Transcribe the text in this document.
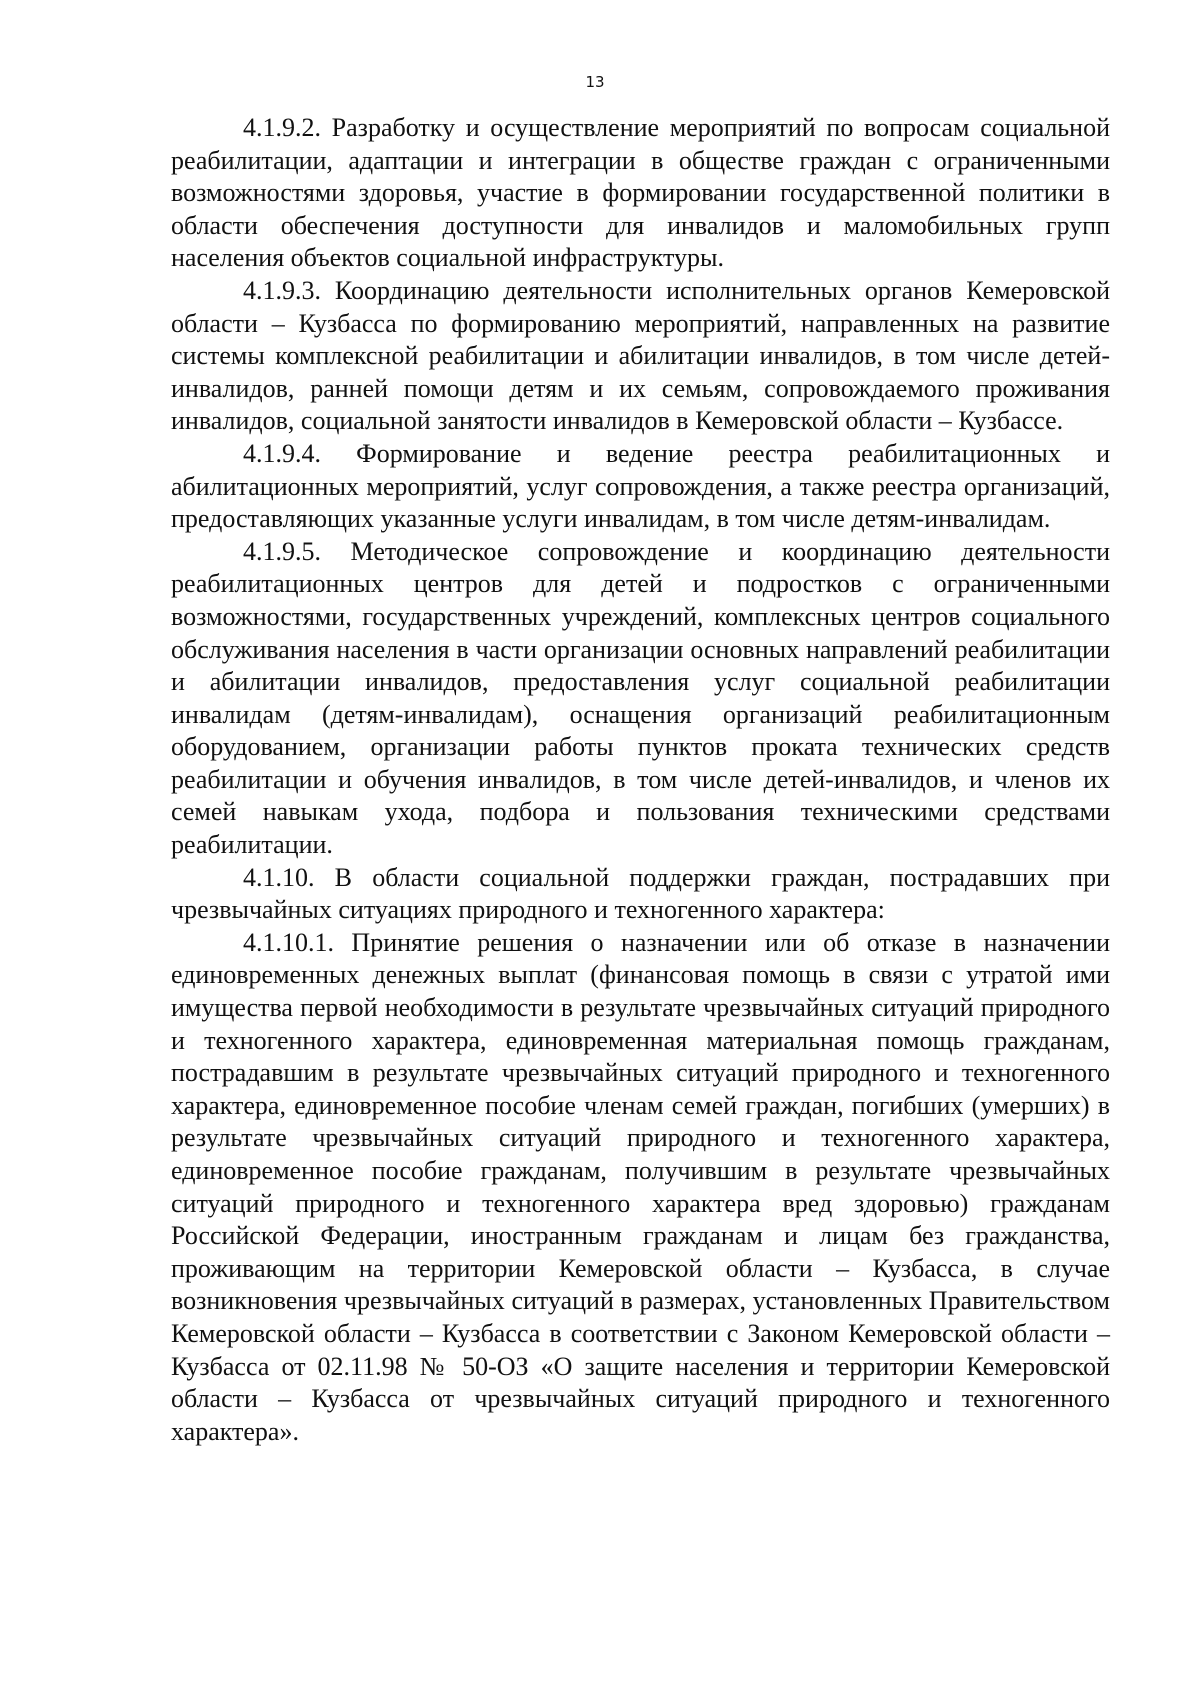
13

4.1.9.2. Разработку и осуществление мероприятий по вопросам социальной реабилитации, адаптации и интеграции в обществе граждан с ограниченными возможностями здоровья, участие в формировании государственной политики в области обеспечения доступности для инвалидов и маломобильных групп населения объектов социальной инфраструктуры.

4.1.9.3. Координацию деятельности исполнительных органов Кемеровской области – Кузбасса по формированию мероприятий, направленных на развитие системы комплексной реабилитации и абилитации инвалидов, в том числе детей-инвалидов, ранней помощи детям и их семьям, сопровождаемого проживания инвалидов, социальной занятости инвалидов в Кемеровской области – Кузбассе.

4.1.9.4. Формирование и ведение реестра реабилитационных и абилитационных мероприятий, услуг сопровождения, а также реестра организаций, предоставляющих указанные услуги инвалидам, в том числе детям-инвалидам.

4.1.9.5. Методическое сопровождение и координацию деятельности реабилитационных центров для детей и подростков с ограниченными возможностями, государственных учреждений, комплексных центров социального обслуживания населения в части организации основных направлений реабилитации и абилитации инвалидов, предоставления услуг социальной реабилитации инвалидам (детям-инвалидам), оснащения организаций реабилитационным оборудованием, организации работы пунктов проката технических средств реабилитации и обучения инвалидов, в том числе детей-инвалидов, и членов их семей навыкам ухода, подбора и пользования техническими средствами реабилитации.

4.1.10. В области социальной поддержки граждан, пострадавших при чрезвычайных ситуациях природного и техногенного характера:

4.1.10.1. Принятие решения о назначении или об отказе в назначении единовременных денежных выплат (финансовая помощь в связи с утратой ими имущества первой необходимости в результате чрезвычайных ситуаций природного и техногенного характера, единовременная материальная помощь гражданам, пострадавшим в результате чрезвычайных ситуаций природного и техногенного характера, единовременное пособие членам семей граждан, погибших (умерших) в результате чрезвычайных ситуаций природного и техногенного характера, единовременное пособие гражданам, получившим в результате чрезвычайных ситуаций природного и техногенного характера вред здоровью) гражданам Российской Федерации, иностранным гражданам и лицам без гражданства, проживающим на территории Кемеровской области – Кузбасса, в случае возникновения чрезвычайных ситуаций в размерах, установленных Правительством Кемеровской области – Кузбасса в соответствии с Законом Кемеровской области – Кузбасса от 02.11.98 № 50-ОЗ «О защите населения и территории Кемеровской области – Кузбасса от чрезвычайных ситуаций природного и техногенного характера».
